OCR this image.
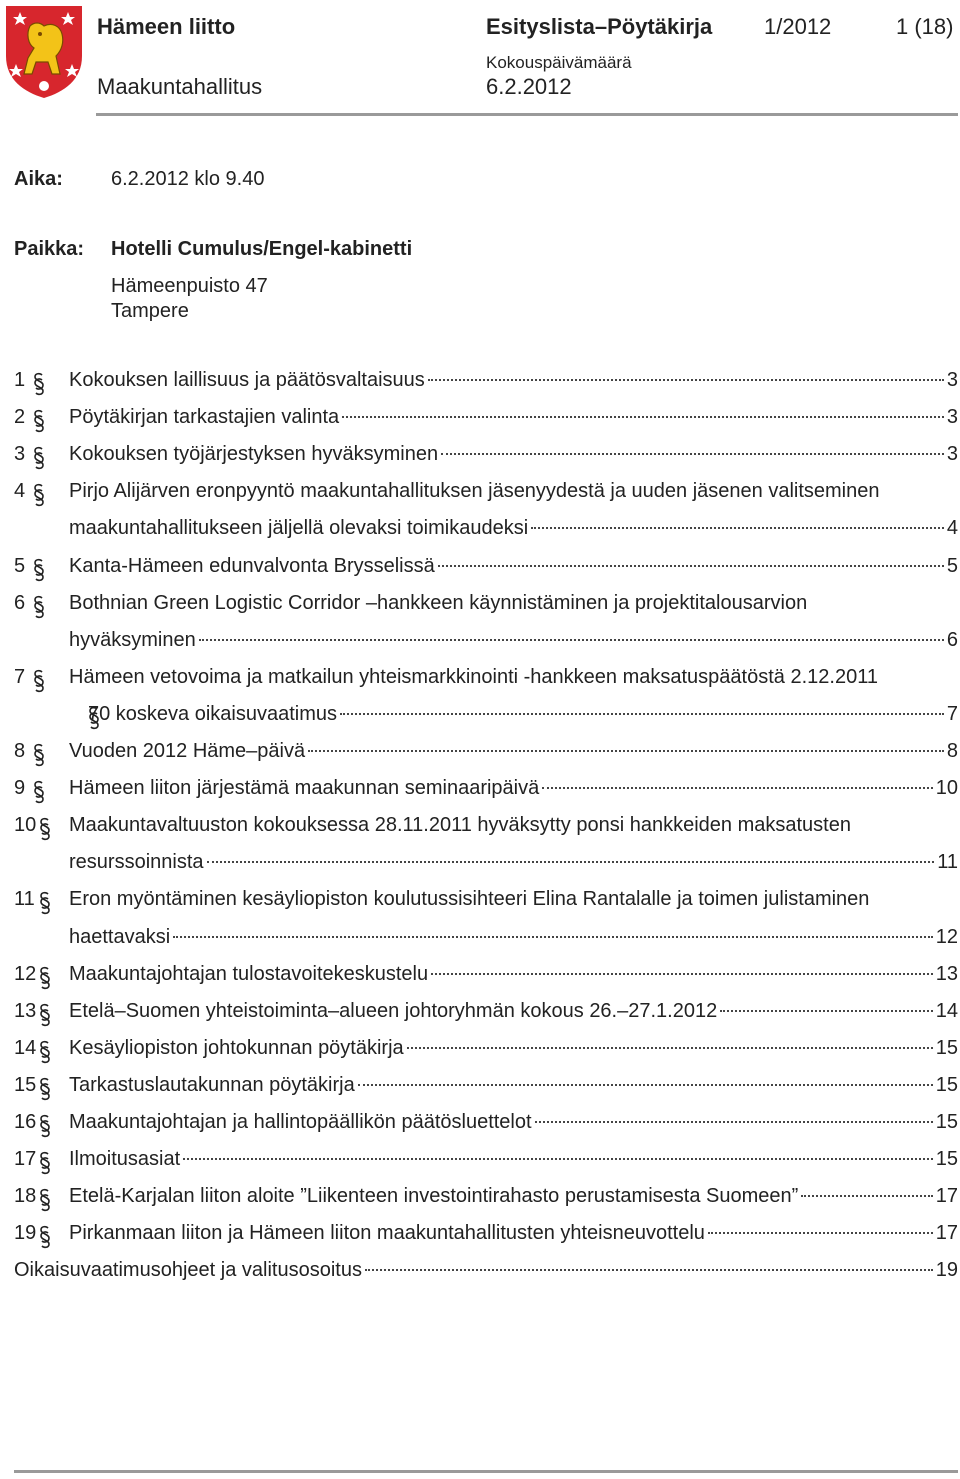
Hämeen liitto
Maakuntahallitus
Esityslista–Pöytäkirja 1/2012	1 (18)
Kokouspäivämäärä
6.2.2012
Aika: 6.2.2012 klo 9.40
Paikka: Hotelli Cumulus/Engel-kabinetti
Hämeenpuisto 47
Tampere
1 Kokouksen laillisuus ja päätösvaltaisuus	3
2 Pöytäkirjan tarkastajien valinta	3
3 Kokouksen työjärjestyksen hyväksyminen	3
4 Pirjo Alijärven eronpyyntö maakuntahallituksen jäsenyydestä ja uuden jäsenen valitseminen
maakuntahallitukseen jäljellä olevaksi toimikaudeksi	4
5 Kanta-Hämeen edunvalvonta Brysselissä	5
6 Bothnian Green Logistic Corridor –hankkeen käynnistäminen ja projektitalousarvion
hyväksyminen	6
7 Hämeen vetovoima ja matkailun yhteismarkkinointi -hankkeen maksatuspäätöstä 2.12.2011
70 koskeva oikaisuvaatimus	7
8 Vuoden 2012 Häme–päivä	8
9 Hämeen liiton järjestämä maakunnan seminaaripäivä	10
10 Maakuntavaltuuston kokouksessa 28.11.2011 hyväksytty ponsi hankkeiden maksatusten
resurssoinnista	11
11 Eron myöntäminen kesäyliopiston koulutussisihteeri Elina Rantalalle ja toimen julistaminen
haettavaksi	12
12 Maakuntajohtajan tulostavoitekeskustelu	13
13 Etelä–Suomen yhteistoiminta–alueen johtoryhmän kokous 26.–27.1.2012	14
14 Kesäyliopiston johtokunnan pöytäkirja	15
15 Tarkastuslautakunnan pöytäkirja	15
16 Maakuntajohtajan ja hallintopäällikön päätösluettelot	15
17 Ilmoitusasiat	15
18 Etelä-Karjalan liiton aloite ”Liikenteen investointirahasto perustamisesta Suomeen”	17
19 Pirkanmaan liiton ja Hämeen liiton maakuntahallitusten yhteisneuvottelu	17
Oikaisuvaatimusohjeet ja valitusosoitus	19
